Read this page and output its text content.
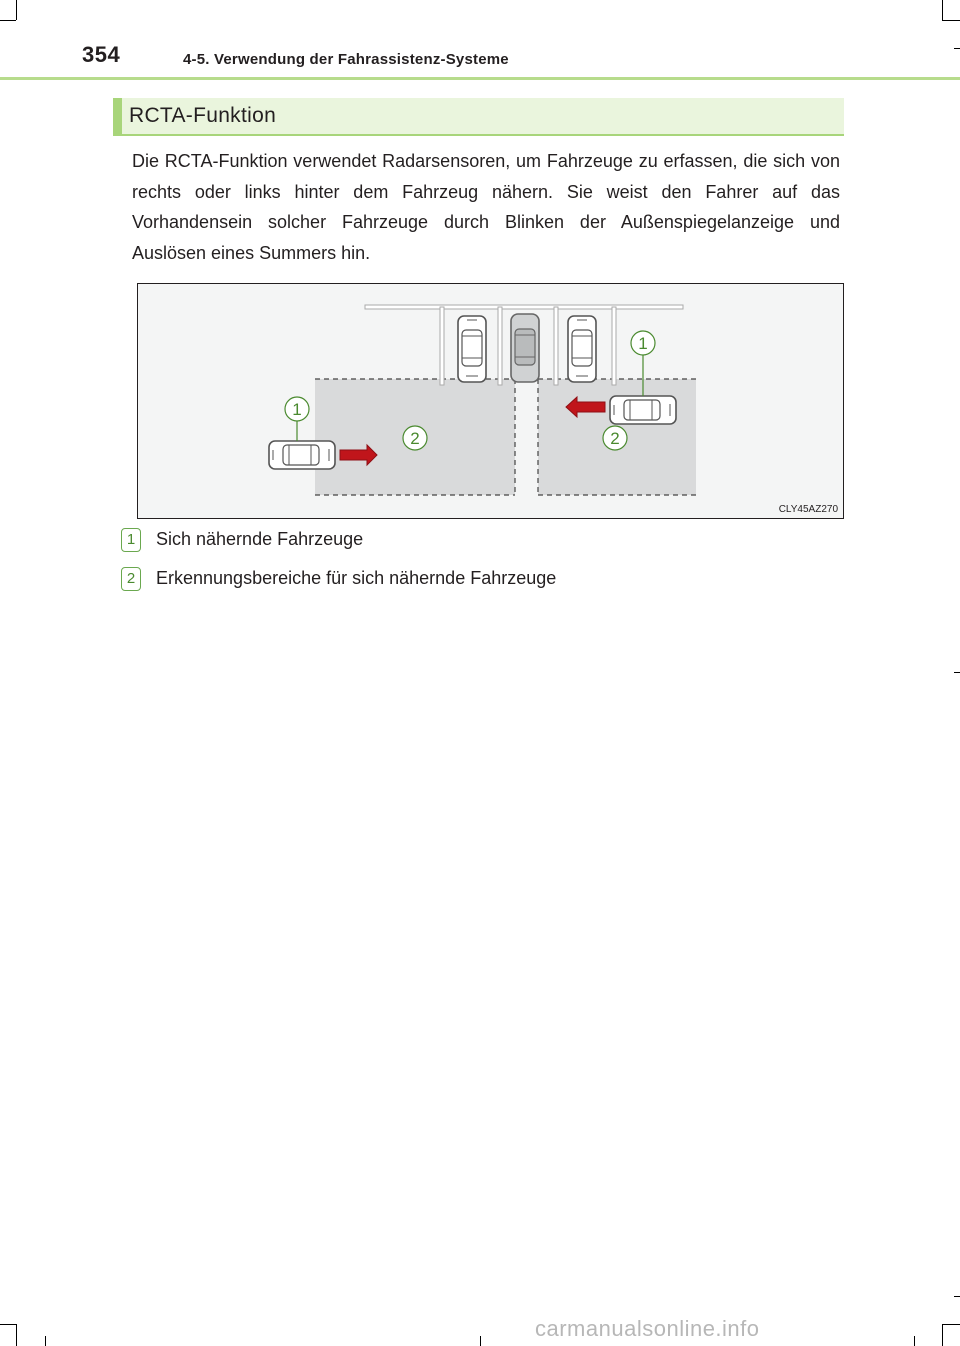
354	4-5. Verwendung der Fahrassistenz-Systeme
RCTA-Funktion
Die RCTA-Funktion verwendet Radarsensoren, um Fahrzeuge zu erfassen, die sich von rechts oder links hinter dem Fahrzeug nähern. Sie weist den Fahrer auf das Vorhandensein solcher Fahrzeuge durch Blinken der Außenspiegelanzeige und Auslösen eines Summers hin.
1
1
2	2
CLY45AZ270
1	Sich nähernde Fahrzeuge
2	Erkennungsbereiche für sich nähernde Fahrzeuge
carmanualsonline.info
